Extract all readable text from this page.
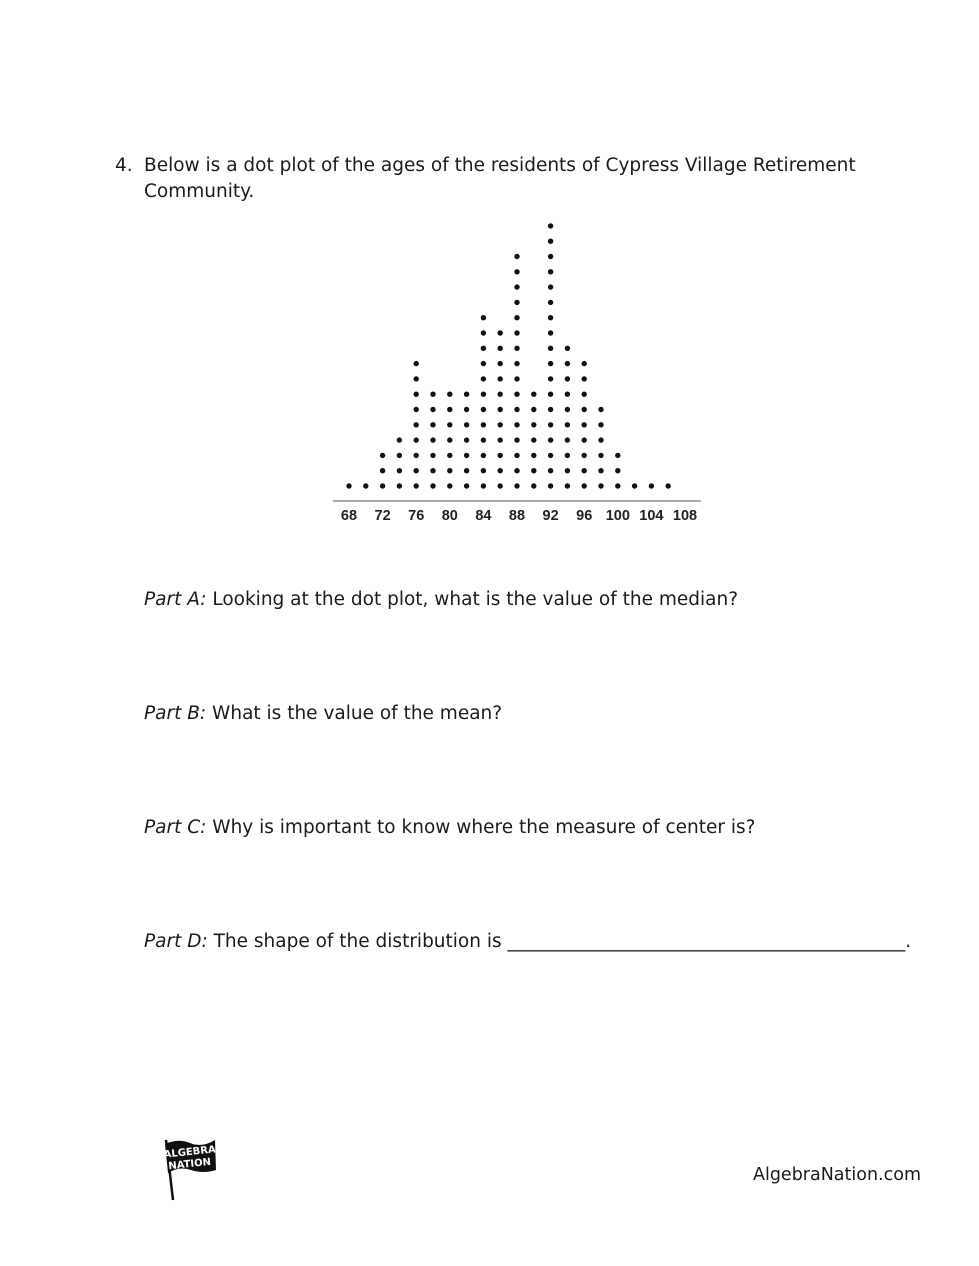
4. Below is a dot plot of the ages of the residents of Cypress Village Retirement Community.
68 72 76 80 84 88 92 96 100 104 108
Part A: Looking at the dot plot, what is the value of the median?
Part B: What is the value of the mean?
Part C: Why is important to know where the measure of center is?
Part D: The shape of the distribution is ___________________________________________.
ALGEBRA
NATION
AlgebraNation.com
